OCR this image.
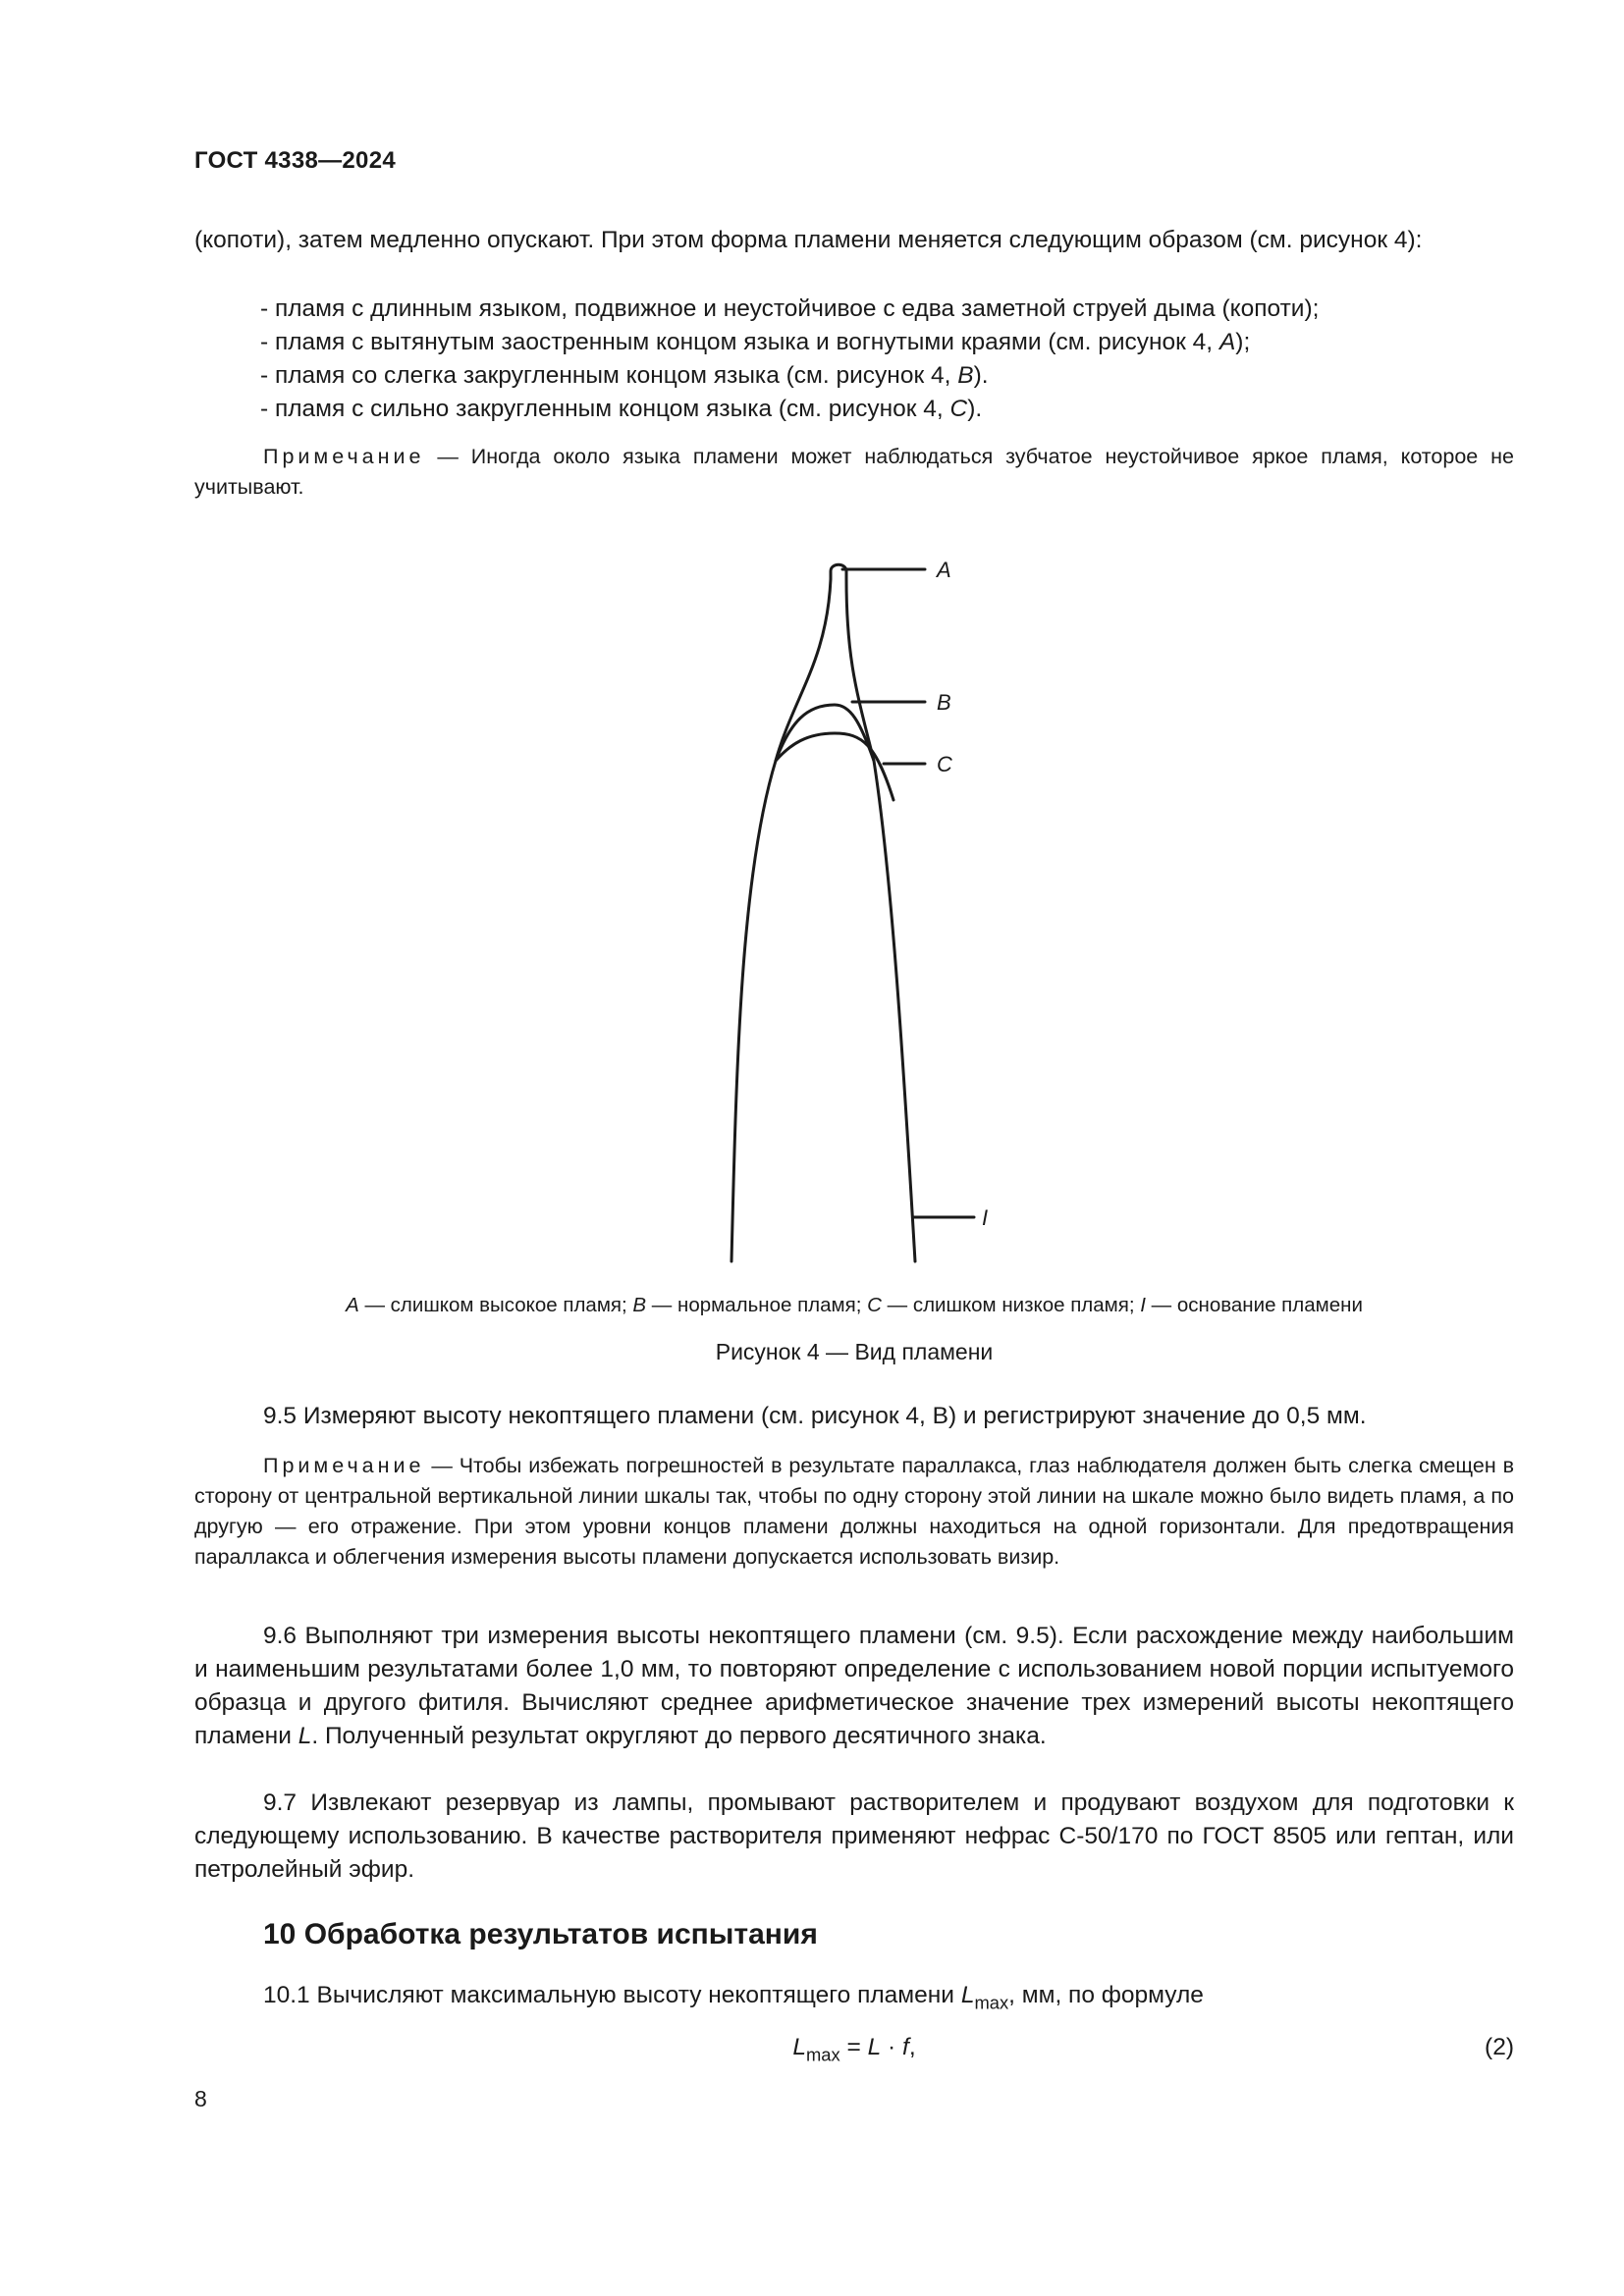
ГОСТ 4338—2024
(копоти), затем медленно опускают. При этом форма пламени меняется следующим образом (см. рисунок 4):
- пламя с длинным языком, подвижное и неустойчивое с едва заметной струей дыма (копоти);
- пламя с вытянутым заостренным концом языка и вогнутыми краями (см. рисунок 4, A);
- пламя со слегка закругленным концом языка (см. рисунок 4, B).
- пламя с сильно закругленным концом языка (см. рисунок 4, C).
Примечание — Иногда около языка пламени может наблюдаться зубчатое неустойчивое яркое пламя, которое не учитывают.
A
B
C
I
A — слишком высокое пламя; B — нормальное пламя; C — слишком низкое пламя; I — основание пламени
Рисунок 4 — Вид пламени
9.5 Измеряют высоту некоптящего пламени (см. рисунок 4, В) и регистрируют значение до 0,5 мм.
Примечание — Чтобы избежать погрешностей в результате параллакса, глаз наблюдателя должен быть слегка смещен в сторону от центральной вертикальной линии шкалы так, чтобы по одну сторону этой линии на шкале можно было видеть пламя, а по другую — его отражение. При этом уровни концов пламени должны находиться на одной горизонтали. Для предотвращения параллакса и облегчения измерения высоты пламени допускается использовать визир.
9.6 Выполняют три измерения высоты некоптящего пламени (см. 9.5). Если расхождение между наибольшим и наименьшим результатами более 1,0 мм, то повторяют определение с использованием новой порции испытуемого образца и другого фитиля. Вычисляют среднее арифметическое значение трех измерений высоты некоптящего пламени L. Полученный результат округляют до первого десятичного знака.
9.7 Извлекают резервуар из лампы, промывают растворителем и продувают воздухом для подготовки к следующему использованию. В качестве растворителя применяют нефрас С-50/170 по ГОСТ 8505 или гептан, или петролейный эфир.
10 Обработка результатов испытания
10.1 Вычисляют максимальную высоту некоптящего пламени $L_{max}$, мм, по формуле
$L_{max} = L \cdot f$,	(2)
8
